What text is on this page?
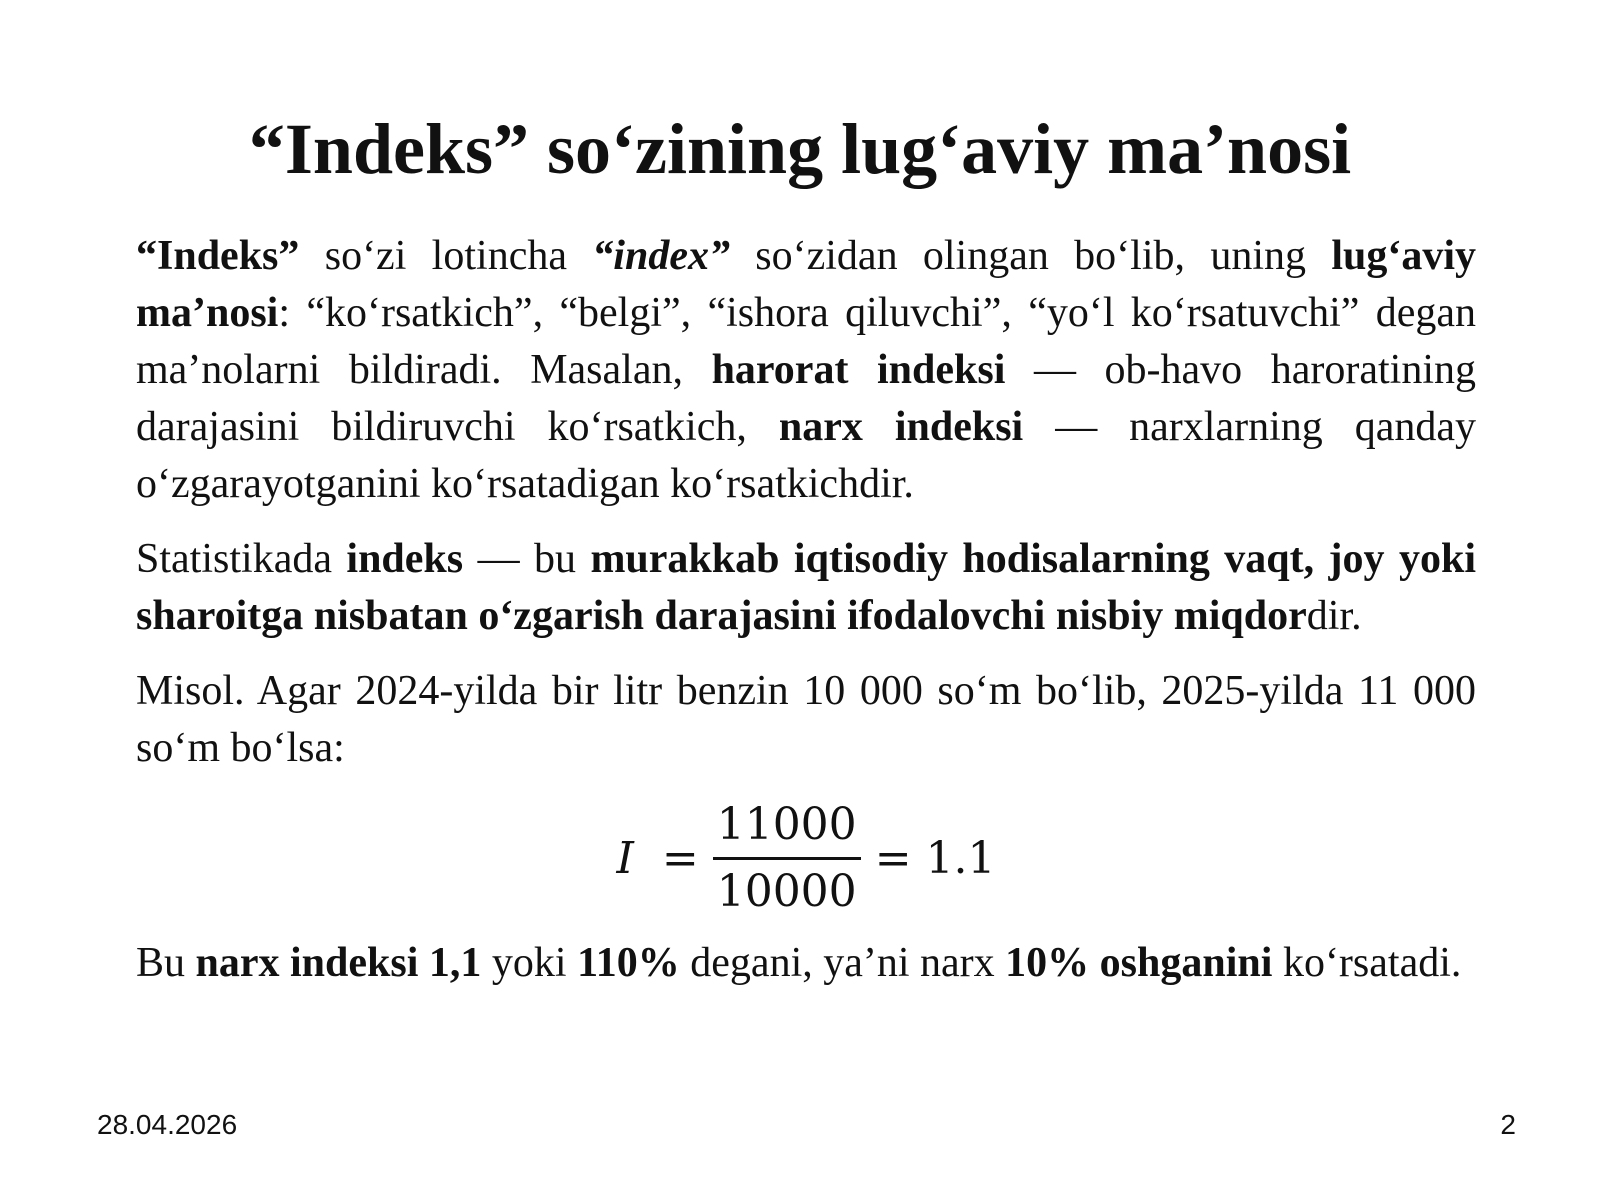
“Indeks” so‘zining lug‘aviy ma’nosi

“Indeks” so‘zi lotincha “index” so‘zidan olingan bo‘lib, uning lug‘aviy ma’nosi: “ko‘rsatkich”, “belgi”, “ishora qiluvchi”, “yo‘l ko‘rsatuvchi” degan ma’nolarni bildiradi. Masalan, harorat indeksi — ob-havo haroratining darajasini bildiruvchi ko‘rsatkich, narx indeksi — narxlarning qanday o‘zgarayotganini ko‘rsatadigan ko‘rsatkichdir.

Statistikada indeks — bu murakkab iqtisodiy hodisalarning vaqt, joy yoki sharoitga nisbatan o‘zgarish darajasini ifodalovchi nisbiy miqdordir.

Misol. Agar 2024-yilda bir litr benzin 10 000 so‘m bo‘lib, 2025-yilda 11 000 so‘m bo‘lsa:

$I = \frac{11000}{10000} = 1.1$

Bu narx indeksi 1,1 yoki 110% degani, ya’ni narx 10% oshganini ko‘rsatadi.

28.04.2026	2
